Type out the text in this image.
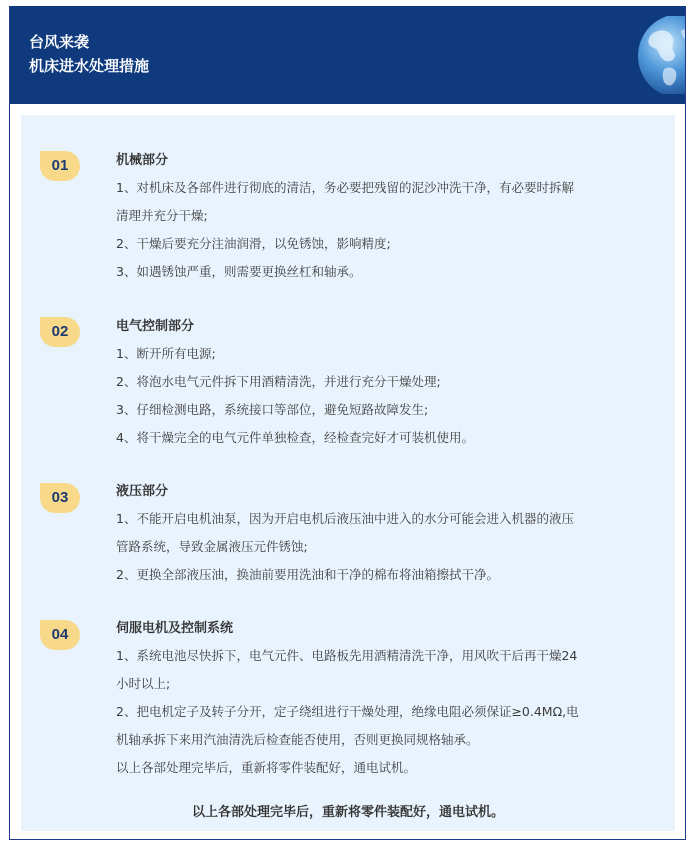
台风来袭
机床进水处理措施
01	机械部分
1、对机床及各部件进行彻底的清洁，务必要把残留的泥沙冲洗干净，有必要时拆解
清理并充分干燥;
2、干燥后要充分注油润滑，以免锈蚀，影响精度;
3、如遇锈蚀严重，则需要更换丝杠和轴承。
02	电气控制部分
1、断开所有电源;
2、将泡水电气元件拆下用酒精清洗，并进行充分干燥处理;
3、仔细检测电路，系统接口等部位，避免短路故障发生;
4、将干燥完全的电气元件单独检查，经检查完好才可装机使用。
03	液压部分
1、不能开启电机油泵，因为开启电机后液压油中进入的水分可能会进入机器的液压
管路系统，导致金属液压元件锈蚀;
2、更换全部液压油，换油前要用洗油和干净的棉布将油箱擦拭干净。
04	伺服电机及控制系统
1、系统电池尽快拆下，电气元件、电路板先用酒精清洗干净，用风吹干后再干燥24
小时以上;
2、把电机定子及转子分开，定子绕组进行干燥处理，绝缘电阻必须保证≥0.4MΩ,电
机轴承拆下来用汽油清洗后检查能否使用，否则更换同规格轴承。
以上各部处理完毕后，重新将零件装配好，通电试机。
以上各部处理完毕后，重新将零件装配好，通电试机。
